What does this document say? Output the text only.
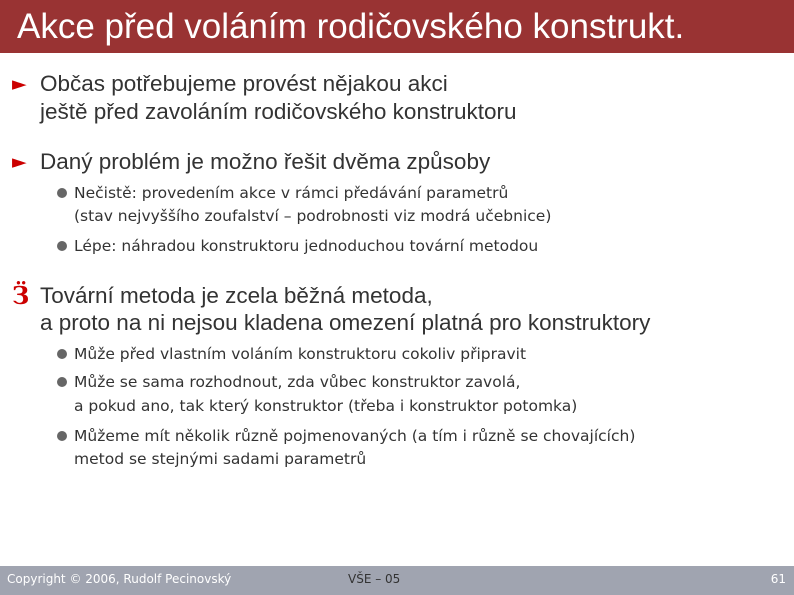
Akce před voláním rodičovského konstrukt.
► Občas potřebujeme provést nějakou akci
ještě před zavoláním rodičovského konstruktoru
► Daný problém je možno řešit dvěma způsoby
Nečistě: provedením akce v rámci předávání parametrů
(stav nejvyššího zoufalství – podrobnosti viz modrá učebnice)
Lépe: náhradou konstruktoru jednoduchou tovární metodou
Ӟ Tovární metoda je zcela běžná metoda,
a proto na ni nejsou kladena omezení platná pro konstruktory
Může před vlastním voláním konstruktoru cokoliv připravit
Může se sama rozhodnout, zda vůbec konstruktor zavolá,
a pokud ano, tak který konstruktor (třeba i konstruktor potomka)
Můžeme mít několik různě pojmenovaných (a tím i různě se chovajících)
metod se stejnými sadami parametrů
Copyright © 2006, Rudolf Pecinovský	VŠE – 05	61
